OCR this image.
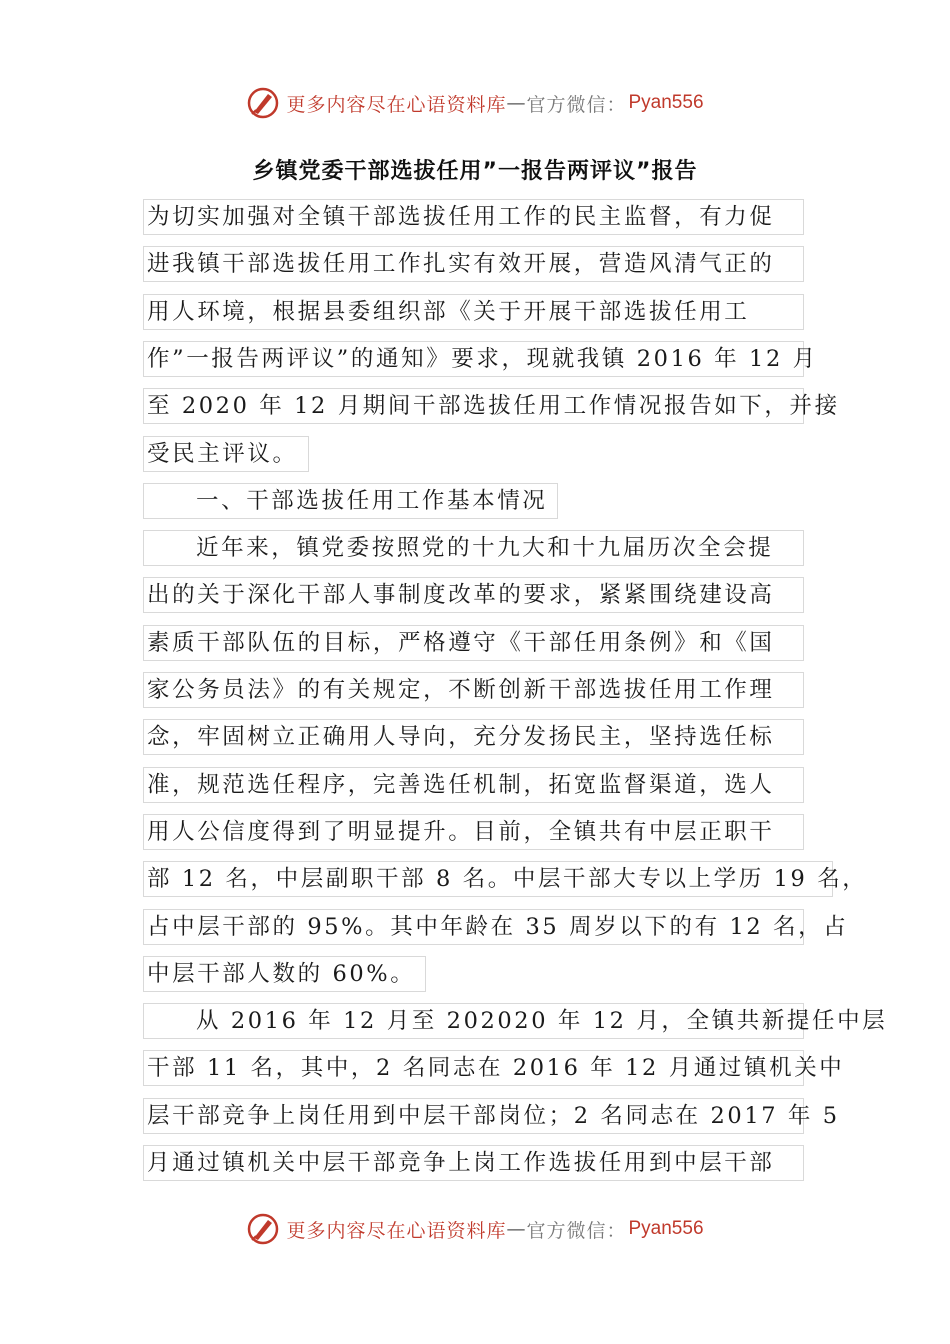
更多内容尽在心语资料库 — 官方微信： Pyan556
乡镇党委干部选拔任用”一报告两评议”报告
为切实加强对全镇干部选拔任用工作的民主监督，有力促
进我镇干部选拔任用工作扎实有效开展，营造风清气正的
用人环境，根据县委组织部《关于开展干部选拔任用工
作”一报告两评议”的通知》要求，现就我镇 2016 年 12 月
至 2020 年 12 月期间干部选拔任用工作情况报告如下，并接
受民主评议。
一、干部选拔任用工作基本情况
近年来，镇党委按照党的十九大和十九届历次全会提
出的关于深化干部人事制度改革的要求，紧紧围绕建设高
素质干部队伍的目标，严格遵守《干部任用条例》和《国
家公务员法》的有关规定，不断创新干部选拔任用工作理
念，牢固树立正确用人导向，充分发扬民主，坚持选任标
准，规范选任程序，完善选任机制，拓宽监督渠道，选人
用人公信度得到了明显提升。目前，全镇共有中层正职干
部 12 名，中层副职干部 8 名。中层干部大专以上学历 19 名，
占中层干部的 95%。其中年龄在 35 周岁以下的有 12 名，占
中层干部人数的 60%。
从 2016 年 12 月至 202020 年 12 月，全镇共新提任中层
干部 11 名，其中，2 名同志在 2016 年 12 月通过镇机关中
层干部竞争上岗任用到中层干部岗位；2 名同志在 2017 年 5
月通过镇机关中层干部竞争上岗工作选拔任用到中层干部
更多内容尽在心语资料库 — 官方微信： Pyan556
